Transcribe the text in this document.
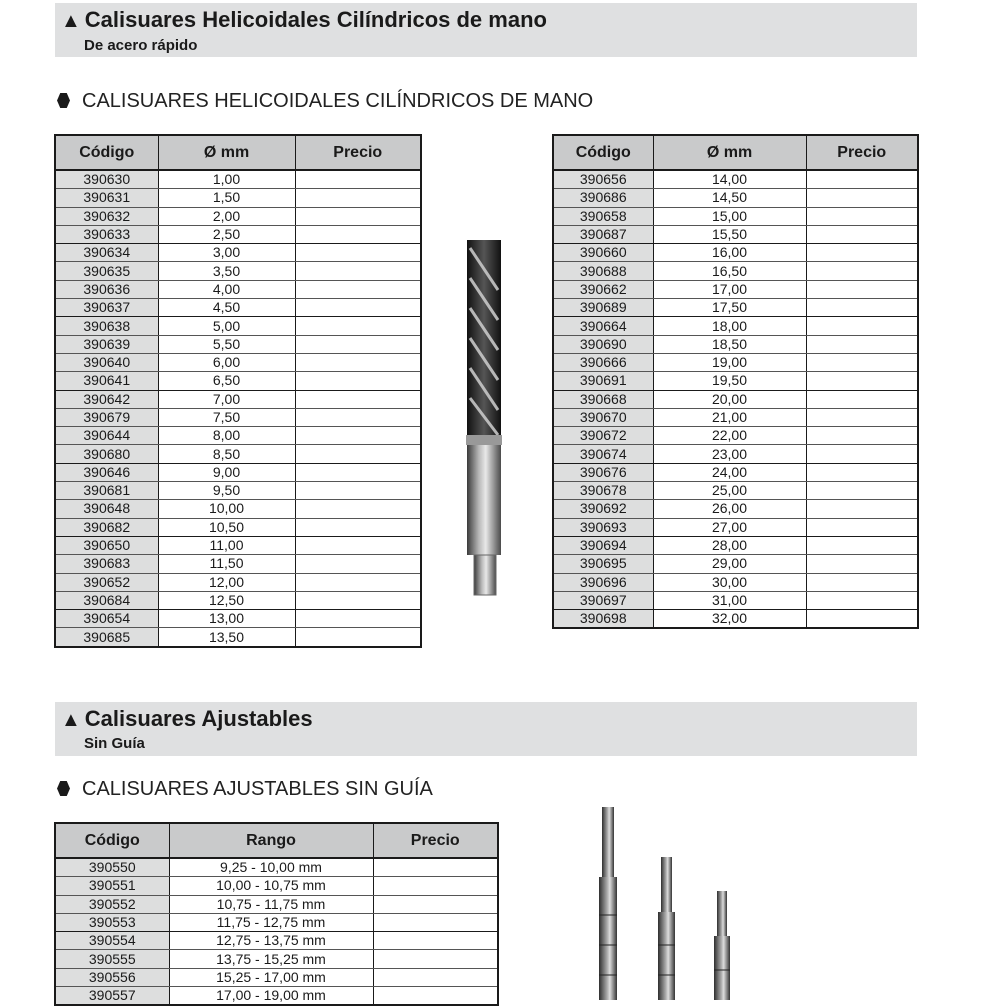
▲ Calisuares Helicoidales Cilíndricos de mano
De acero rápido
CALISUARES HELICOIDALES CILÍNDRICOS DE MANO
Código	Ø mm	Precio
390630	1,00	
390631	1,50	
390632	2,00	
390633	2,50	
390634	3,00	
390635	3,50	
390636	4,00	
390637	4,50	
390638	5,00	
390639	5,50	
390640	6,00	
390641	6,50	
390642	7,00	
390679	7,50	
390644	8,00	
390680	8,50	
390646	9,00	
390681	9,50	
390648	10,00	
390682	10,50	
390650	11,00	
390683	11,50	
390652	12,00	
390684	12,50	
390654	13,00	
390685	13,50	
Código	Ø mm	Precio
390656	14,00	
390686	14,50	
390658	15,00	
390687	15,50	
390660	16,00	
390688	16,50	
390662	17,00	
390689	17,50	
390664	18,00	
390690	18,50	
390666	19,00	
390691	19,50	
390668	20,00	
390670	21,00	
390672	22,00	
390674	23,00	
390676	24,00	
390678	25,00	
390692	26,00	
390693	27,00	
390694	28,00	
390695	29,00	
390696	30,00	
390697	31,00	
390698	32,00	
▲ Calisuares Ajustables
Sin Guía
CALISUARES AJUSTABLES SIN GUÍA
Código	Rango	Precio
390550	9,25 - 10,00 mm	
390551	10,00 - 10,75 mm	
390552	10,75 - 11,75 mm	
390553	11,75 - 12,75 mm	
390554	12,75 - 13,75 mm	
390555	13,75 - 15,25 mm	
390556	15,25 - 17,00 mm	
390557	17,00 - 19,00 mm	
